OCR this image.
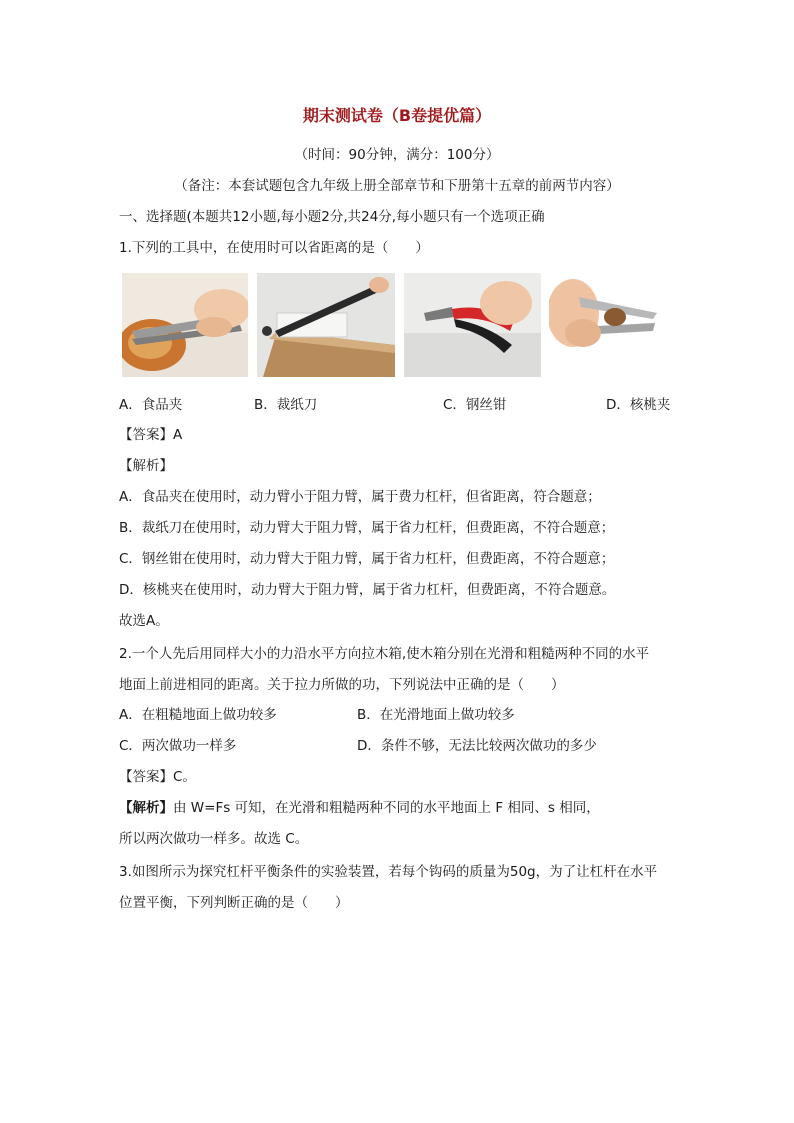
期末测试卷（B卷提优篇）
（时间：90分钟，满分：100分）
（备注：本套试题包含九年级上册全部章节和下册第十五章的前两节内容）
一、选择题(本题共12小题,每小题2分,共24分,每小题只有一个选项正确
1.下列的工具中，在使用时可以省距离的是（　　）
A．食品夹	B．裁纸刀	C．钢丝钳	D．核桃夹
【答案】A
【解析】
A．食品夹在使用时，动力臂小于阻力臂，属于费力杠杆，但省距离，符合题意；
B．裁纸刀在使用时，动力臂大于阻力臂，属于省力杠杆，但费距离，不符合题意；
C．钢丝钳在使用时，动力臂大于阻力臂，属于省力杠杆，但费距离，不符合题意；
D．核桃夹在使用时，动力臂大于阻力臂，属于省力杠杆，但费距离，不符合题意。
故选A。
2.一个人先后用同样大小的力沿水平方向拉木箱,使木箱分别在光滑和粗糙两种不同的水平
地面上前进相同的距离。关于拉力所做的功，下列说法中正确的是（　　）
A．在粗糙地面上做功较多	B．在光滑地面上做功较多
C．两次做功一样多	D．条件不够，无法比较两次做功的多少
【答案】C。
【解析】由 W=Fs 可知，在光滑和粗糙两种不同的水平地面上 F 相同、s 相同，
所以两次做功一样多。故选 C。
3.如图所示为探究杠杆平衡条件的实验装置，若每个钩码的质量为50g，为了让杠杆在水平
位置平衡，下列判断正确的是（　　）
